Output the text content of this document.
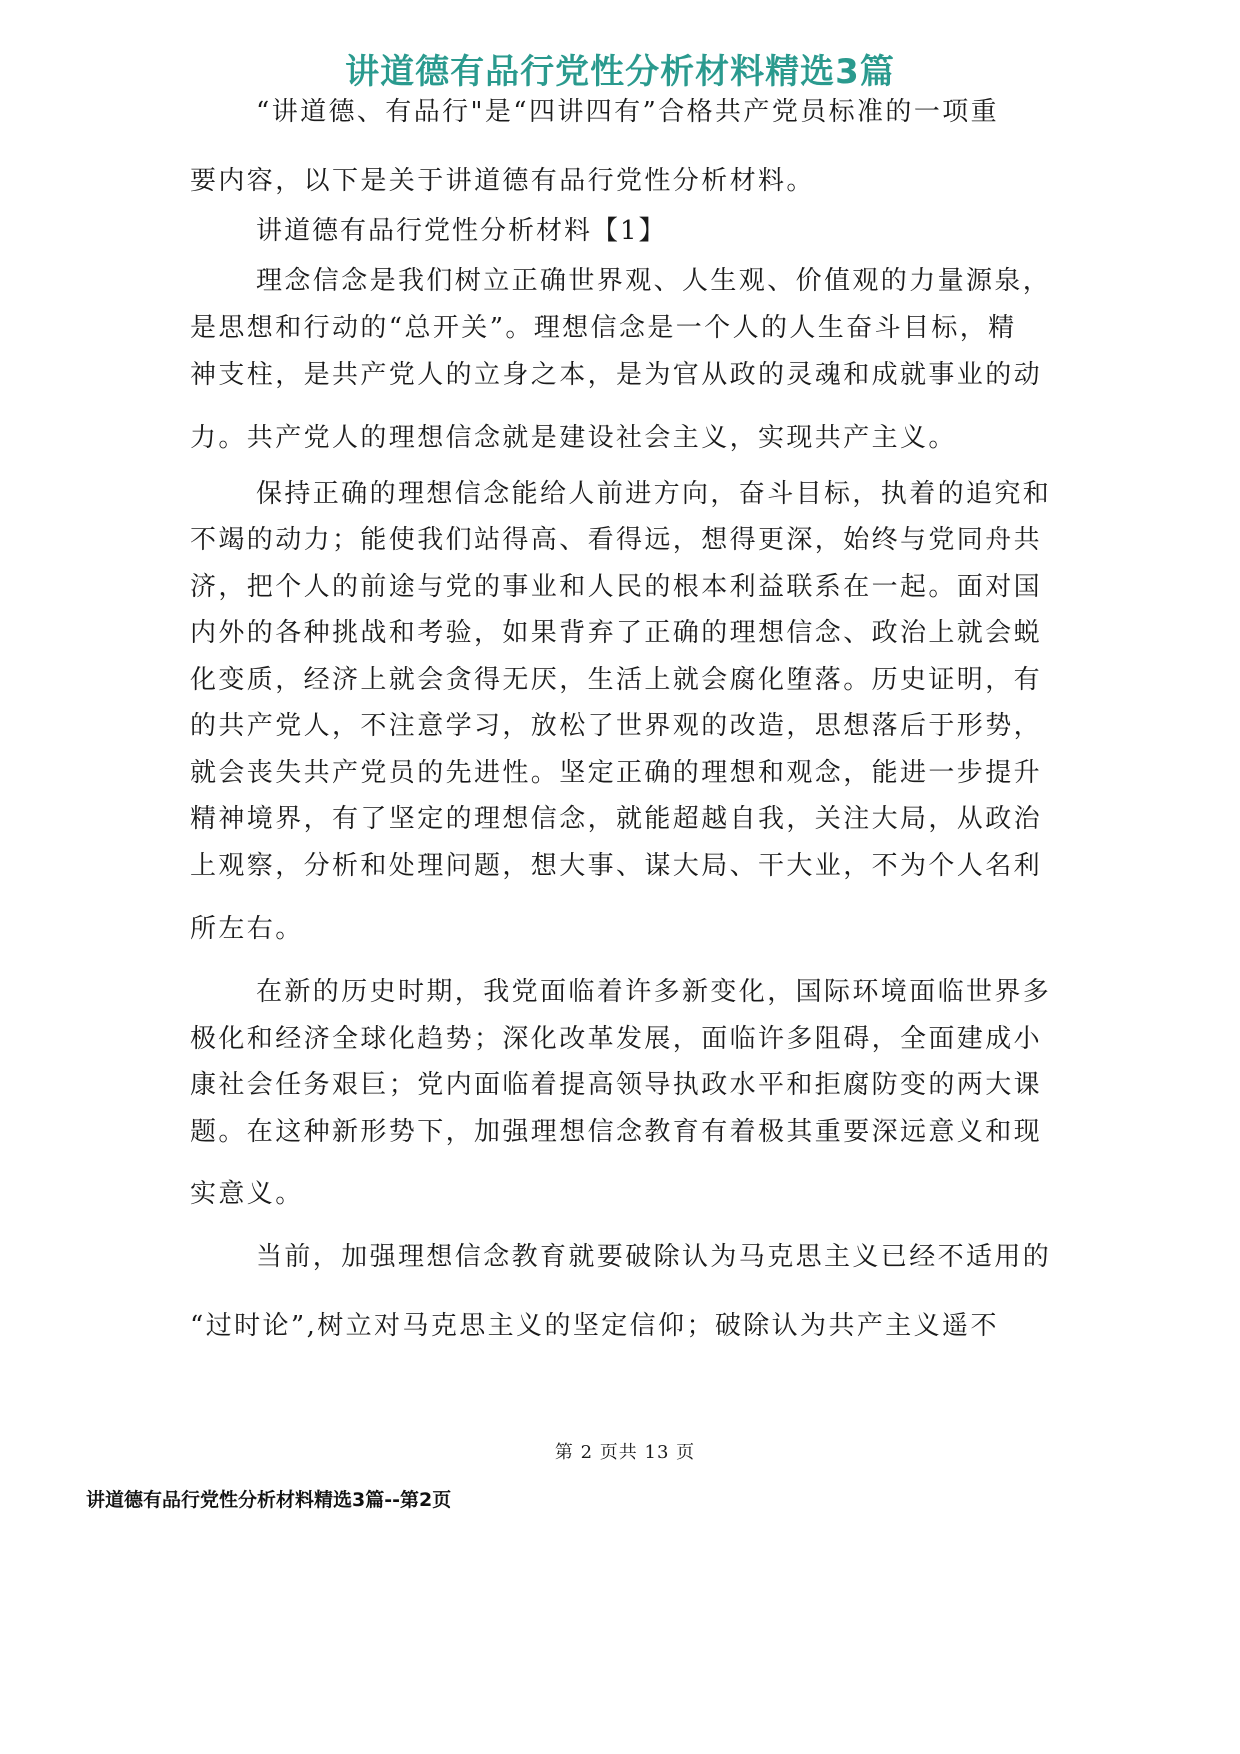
讲道德有品行党性分析材料精选3篇

“讲道德、有品行"是“四讲四有”合格共产党员标准的一项重

要内容，以下是关于讲道德有品行党性分析材料。

讲道德有品行党性分析材料【1】

理念信念是我们树立正确世界观、人生观、价值观的力量源泉，

是思想和行动的“总开关”。理想信念是一个人的人生奋斗目标，精

神支柱，是共产党人的立身之本，是为官从政的灵魂和成就事业的动

力。共产党人的理想信念就是建设社会主义，实现共产主义。

保持正确的理想信念能给人前进方向，奋斗目标，执着的追究和

不竭的动力；能使我们站得高、看得远，想得更深，始终与党同舟共

济，把个人的前途与党的事业和人民的根本利益联系在一起。面对国

内外的各种挑战和考验，如果背弃了正确的理想信念、政治上就会蜕

化变质，经济上就会贪得无厌，生活上就会腐化堕落。历史证明，有

的共产党人，不注意学习，放松了世界观的改造，思想落后于形势，

就会丧失共产党员的先进性。坚定正确的理想和观念，能进一步提升

精神境界，有了坚定的理想信念，就能超越自我，关注大局，从政治

上观察，分析和处理问题，想大事、谋大局、干大业，不为个人名利

所左右。

在新的历史时期，我党面临着许多新变化，国际环境面临世界多

极化和经济全球化趋势；深化改革发展，面临许多阻碍，全面建成小

康社会任务艰巨；党内面临着提高领导执政水平和拒腐防变的两大课

题。在这种新形势下，加强理想信念教育有着极其重要深远意义和现

实意义。

当前，加强理想信念教育就要破除认为马克思主义已经不适用的

“过时论”,树立对马克思主义的坚定信仰；破除认为共产主义遥不

第 2 页共 13 页

讲道德有品行党性分析材料精选3篇--第2页
